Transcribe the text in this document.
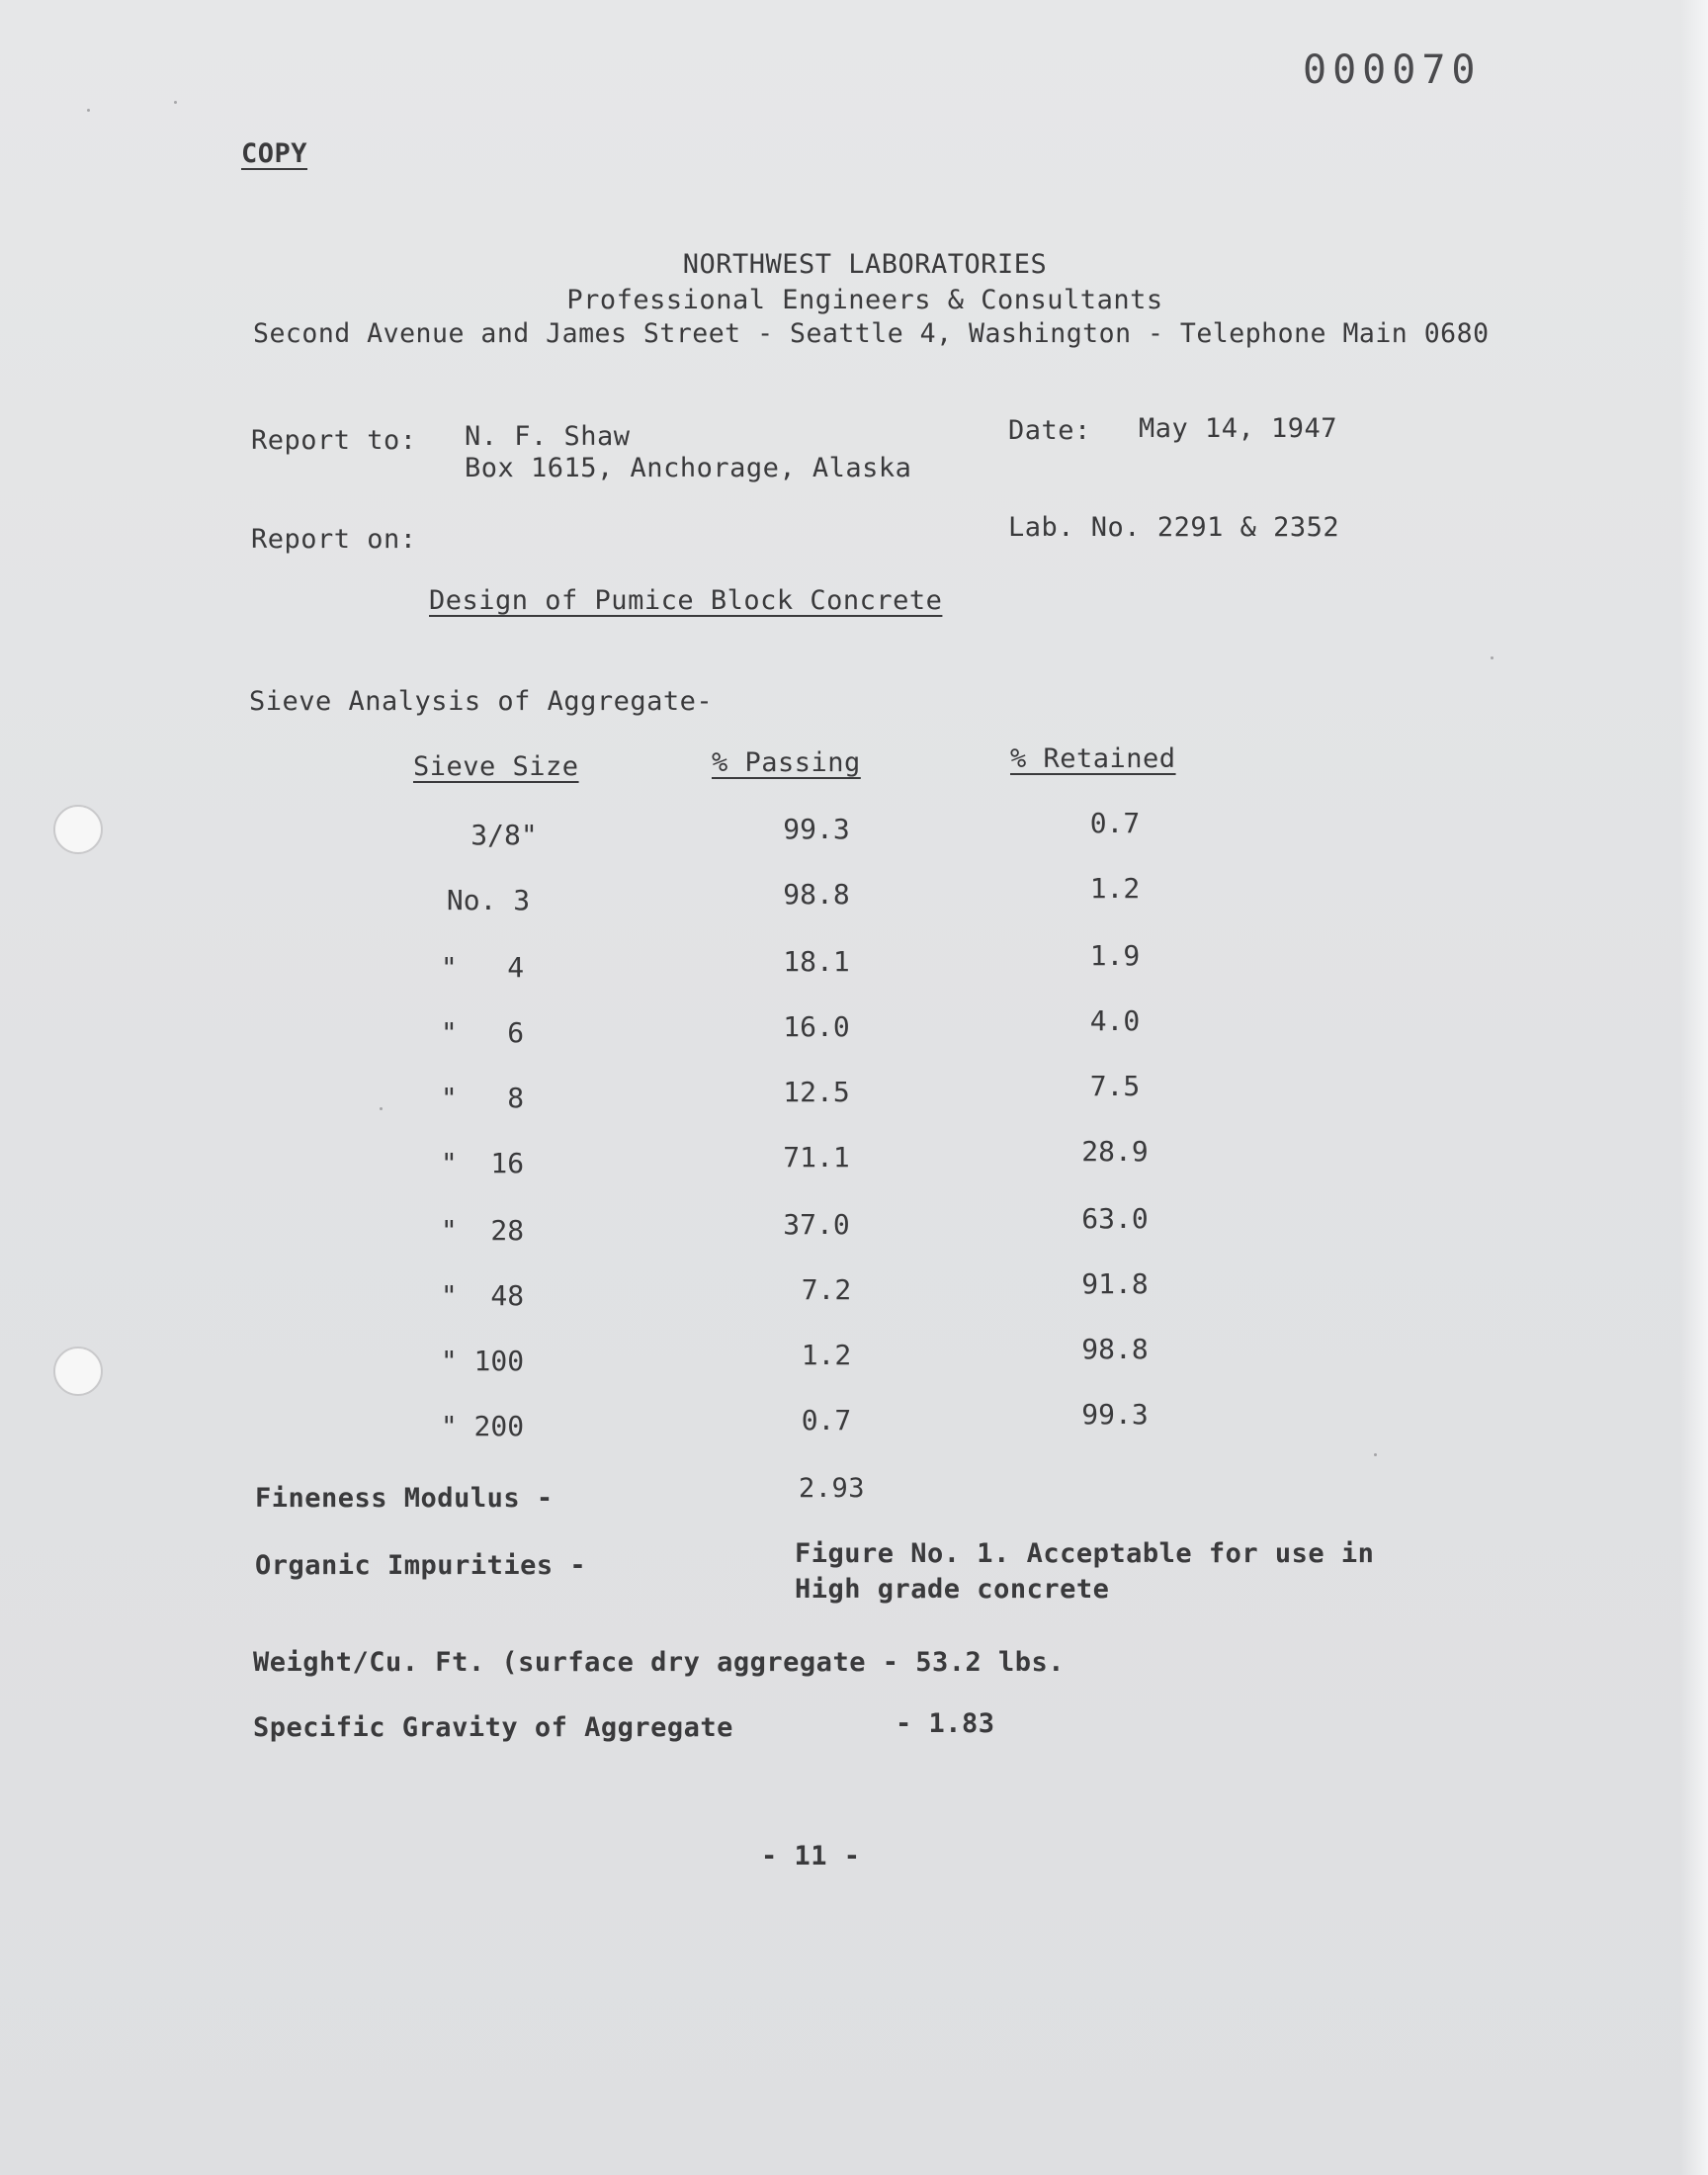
000070
COPY
NORTHWEST LABORATORIES
Professional Engineers & Consultants
Second Avenue and James Street - Seattle 4, Washington - Telephone Main 0680
Report to: N. F. Shaw
Box 1615, Anchorage, Alaska
Date: May 14, 1947
Report on:	Lab. No. 2291 & 2352
Design of Pumice Block Concrete
Sieve Analysis of Aggregate-
Sieve Size	% Passing	% Retained
3/8"	99.3	0.7
No. 3	98.8	1.2
"   4	18.1	1.9
"   6	16.0	4.0
"   8	12.5	7.5
"  16	71.1	28.9
"  28	37.0	63.0
"  48	7.2	91.8
" 100	1.2	98.8
" 200	0.7	99.3
Fineness Modulus -	2.93
Organic Impurities -	Figure No. 1. Acceptable for use in
High grade concrete
Weight/Cu. Ft. (surface dry aggregate - 53.2 lbs.
Specific Gravity of Aggregate	- 1.83
- 11 -
